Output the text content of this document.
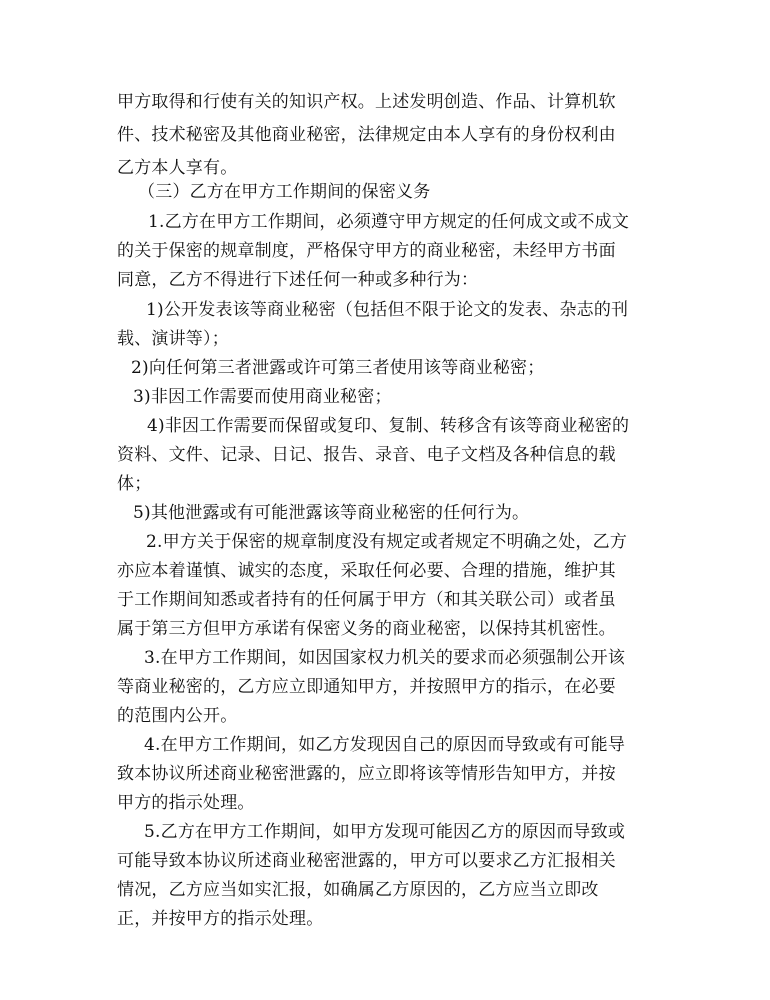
甲方取得和行使有关的知识产权。上述发明创造、作品、计算机软
件、技术秘密及其他商业秘密，法律规定由本人享有的身份权利由
乙方本人享有。
（三）乙方在甲方工作期间的保密义务
1.乙方在甲方工作期间，必须遵守甲方规定的任何成文或不成文
的关于保密的规章制度，严格保守甲方的商业秘密，未经甲方书面
同意，乙方不得进行下述任何一种或多种行为：
1)公开发表该等商业秘密（包括但不限于论文的发表、杂志的刊
载、演讲等）；
2)向任何第三者泄露或许可第三者使用该等商业秘密；
3)非因工作需要而使用商业秘密；
4)非因工作需要而保留或复印、复制、转移含有该等商业秘密的
资料、文件、记录、日记、报告、录音、电子文档及各种信息的载
体；
5)其他泄露或有可能泄露该等商业秘密的任何行为。
2.甲方关于保密的规章制度没有规定或者规定不明确之处，乙方
亦应本着谨慎、诚实的态度，采取任何必要、合理的措施，维护其
于工作期间知悉或者持有的任何属于甲方（和其关联公司）或者虽
属于第三方但甲方承诺有保密义务的商业秘密，以保持其机密性。
3.在甲方工作期间，如因国家权力机关的要求而必须强制公开该
等商业秘密的，乙方应立即通知甲方，并按照甲方的指示，在必要
的范围内公开。
4.在甲方工作期间，如乙方发现因自己的原因而导致或有可能导
致本协议所述商业秘密泄露的，应立即将该等情形告知甲方，并按
甲方的指示处理。
5.乙方在甲方工作期间，如甲方发现可能因乙方的原因而导致或
可能导致本协议所述商业秘密泄露的，甲方可以要求乙方汇报相关
情况，乙方应当如实汇报，如确属乙方原因的，乙方应当立即改
正，并按甲方的指示处理。
